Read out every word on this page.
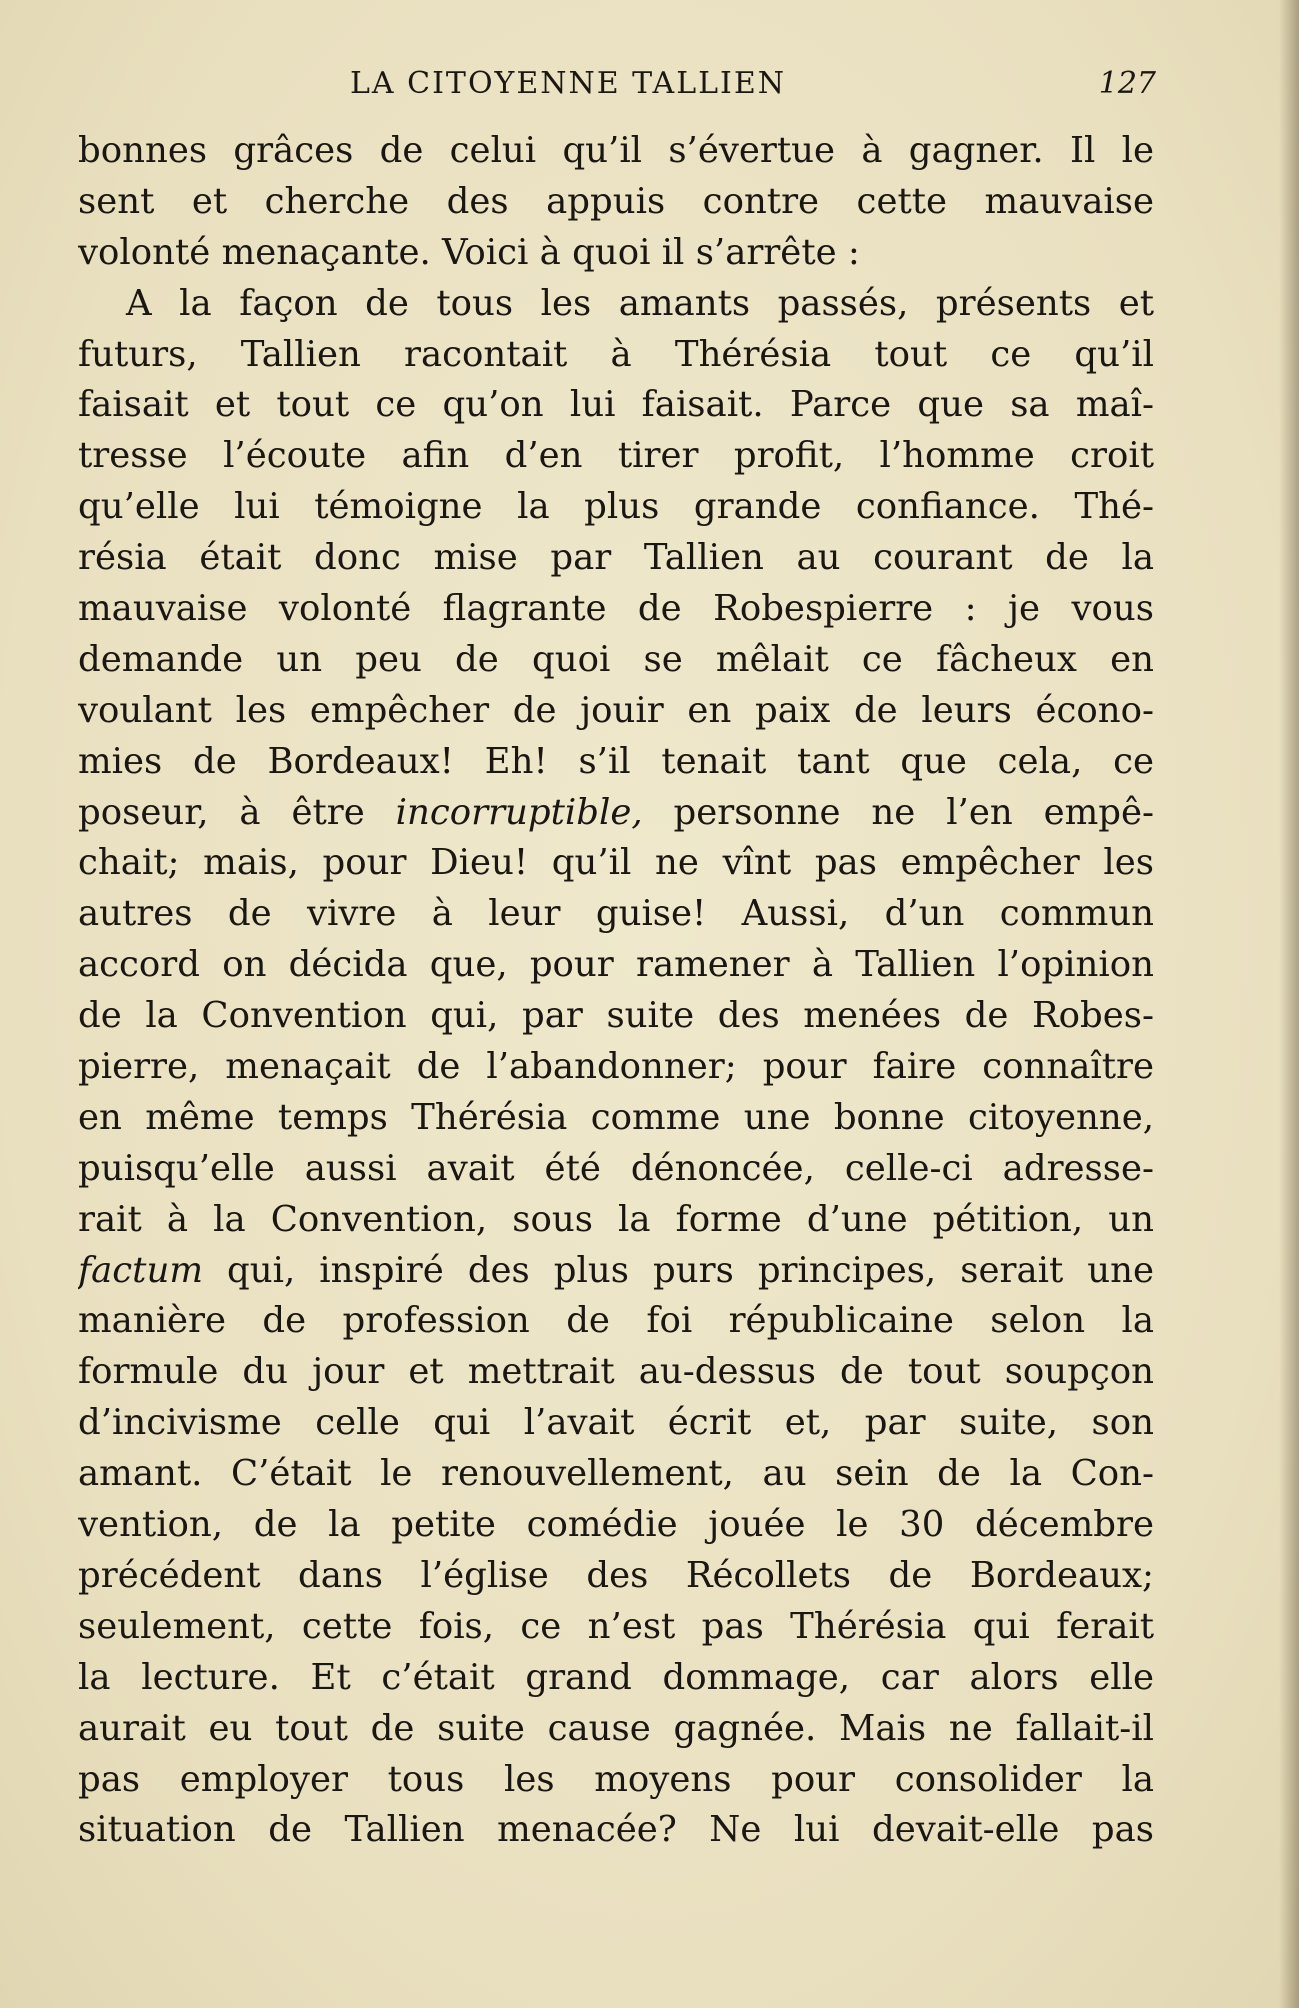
LA CITOYENNE TALLIEN	127
bonnes grâces de celui qu’il s’évertue à gagner. Il le
sent et cherche des appuis contre cette mauvaise
volonté menaçante. Voici à quoi il s’arrête :
A la façon de tous les amants passés, présents et
futurs, Tallien racontait à Thérésia tout ce qu’il
faisait et tout ce qu’on lui faisait. Parce que sa maî-
tresse l’écoute afin d’en tirer profit, l’homme croit
qu’elle lui témoigne la plus grande confiance. Thé-
résia était donc mise par Tallien au courant de la
mauvaise volonté flagrante de Robespierre : je vous
demande un peu de quoi se mêlait ce fâcheux en
voulant les empêcher de jouir en paix de leurs écono-
mies de Bordeaux! Eh! s’il tenait tant que cela, ce
poseur, à être incorruptible, personne ne l’en empê-
chait; mais, pour Dieu! qu’il ne vînt pas empêcher les
autres de vivre à leur guise! Aussi, d’un commun
accord on décida que, pour ramener à Tallien l’opinion
de la Convention qui, par suite des menées de Robes-
pierre, menaçait de l’abandonner; pour faire connaître
en même temps Thérésia comme une bonne citoyenne,
puisqu’elle aussi avait été dénoncée, celle-ci adresse-
rait à la Convention, sous la forme d’une pétition, un
factum qui, inspiré des plus purs principes, serait une
manière de profession de foi républicaine selon la
formule du jour et mettrait au-dessus de tout soupçon
d’incivisme celle qui l’avait écrit et, par suite, son
amant. C’était le renouvellement, au sein de la Con-
vention, de la petite comédie jouée le 30 décembre
précédent dans l’église des Récollets de Bordeaux;
seulement, cette fois, ce n’est pas Thérésia qui ferait
la lecture. Et c’était grand dommage, car alors elle
aurait eu tout de suite cause gagnée. Mais ne fallait-il
pas employer tous les moyens pour consolider la
situation de Tallien menacée? Ne lui devait-elle pas
